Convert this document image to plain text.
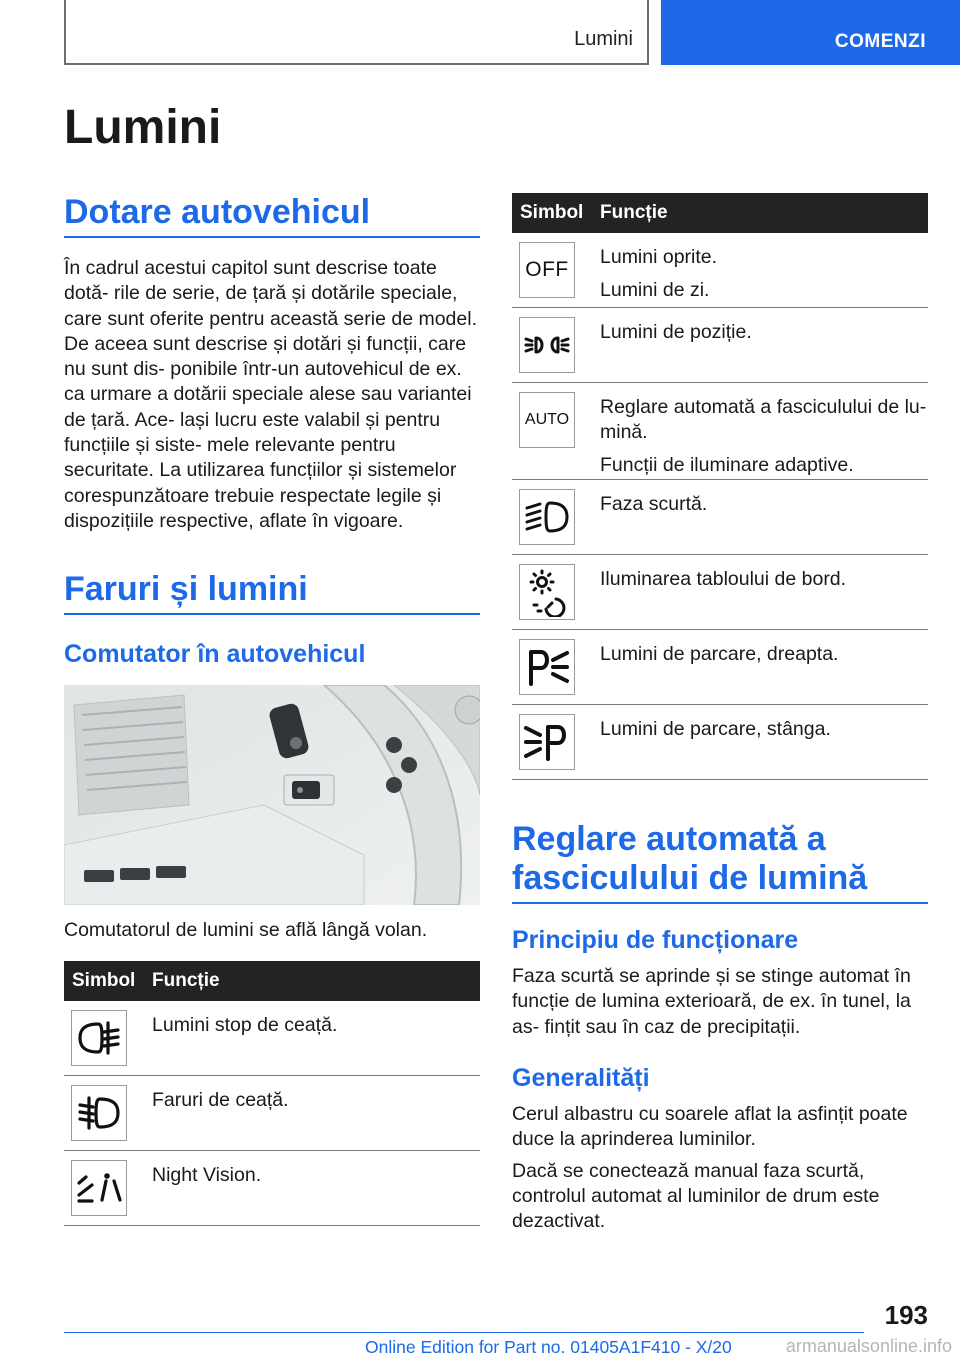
Lumini	COMENZI
Lumini
Dotare autovehicul

În cadrul acestui capitol sunt descrise toate dotă- rile de serie, de țară și dotările speciale, care sunt oferite pentru această serie de model. De aceea sunt descrise și dotări și funcții, care nu sunt dis- ponibile într-un autovehicul de ex. ca urmare a dotării speciale alese sau variantei de țară. Ace- lași lucru este valabil și pentru funcțiile și siste- mele relevante pentru securitate. La utilizarea funcțiilor și sistemelor corespunzătoare trebuie respectate legile și dispozițiile respective, aflate în vigoare.

Faruri și lumini
Comutator în autovehicul
Comutatorul de lumini se află lângă volan.
Simbol Funcție

Lumini stop de ceață.

Faruri de ceață.

Night Vision.

Simbol Funcție
OFF

Lumini oprite.

Lumini de zi.

Lumini de poziție.

AUTO

Reglare automată a fasciculului de lu- mină.

Funcții de iluminare adaptive.

Faza scurtă.

Iluminarea tabloului de bord.

Lumini de parcare, dreapta.

Lumini de parcare, stânga.

Reglare automată a fasciculului de lumină
Principiu de funcționare
Faza scurtă se aprinde și se stinge automat în funcție de lumina exterioară, de ex. în tunel, la as- fințit sau în caz de precipitații.
Generalități

Cerul albastru cu soarele aflat la asfințit poate duce la aprinderea luminilor.

Dacă se conectează manual faza scurtă, controlul automat al luminilor de drum este dezactivat.

193
Online Edition for Part no. 01405A1F410 - X/20	armanualsonline.info
